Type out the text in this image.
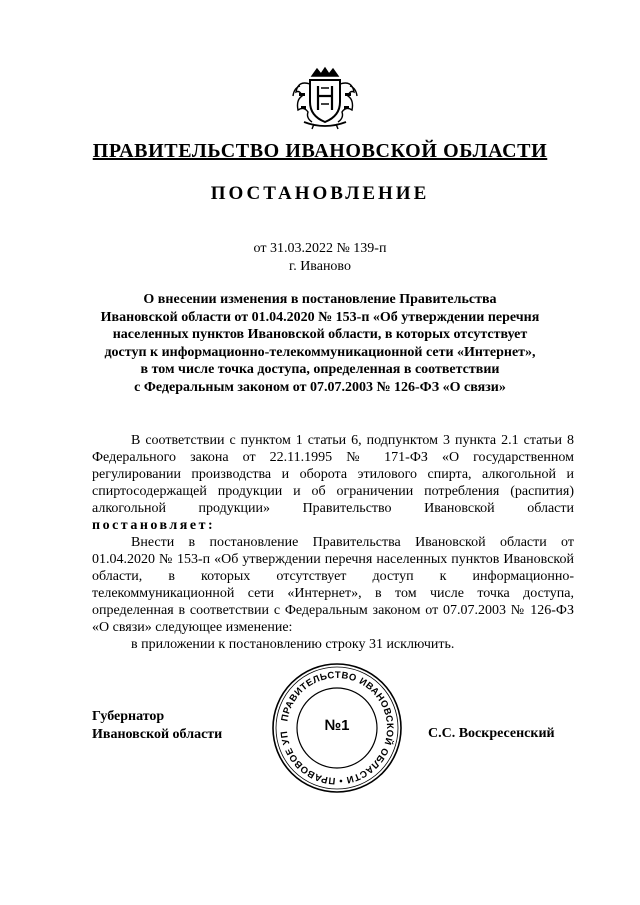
ПРАВИТЕЛЬСТВО ИВАНОВСКОЙ ОБЛАСТИ
ПОСТАНОВЛЕНИЕ
от 31.03.2022 № 139-п
г. Иваново
О внесении изменения в постановление Правительства
Ивановской области от 01.04.2020 № 153-п «Об утверждении перечня
населенных пунктов Ивановской области, в которых отсутствует
доступ к информационно-телекоммуникационной сети «Интернет»,
в том числе точка доступа, определенная в соответствии
с Федеральным законом от 07.07.2003 № 126-ФЗ «О связи»

В соответствии с пунктом 1 статьи 6, подпунктом 3 пункта 2.1 статьи 8 Федерального закона от 22.11.1995 № 171-ФЗ «О государственном регулировании производства и оборота этилового спирта, алкогольной и спиртосодержащей продукции и об ограничении потребления (распития) алкогольной продукции» Правительство Ивановской области постановляет:

Внести в постановление Правительства Ивановской области от 01.04.2020 № 153-п «Об утверждении перечня населенных пунктов Ивановской области, в которых отсутствует доступ к информационно-телекоммуникационной сети «Интернет», в том числе точка доступа, определенная в соответствии с Федеральным законом от 07.07.2003 № 126-ФЗ «О связи» следующее изменение:

в приложении к постановлению строку 31 исключить.

Губернатор
Ивановской области
ПРАВИТЕЛЬСТВО ИВАНОВСКОЙ ОБЛАСТИ • ПРАВОВОЕ УП
№1	С.С. Воскресенский
